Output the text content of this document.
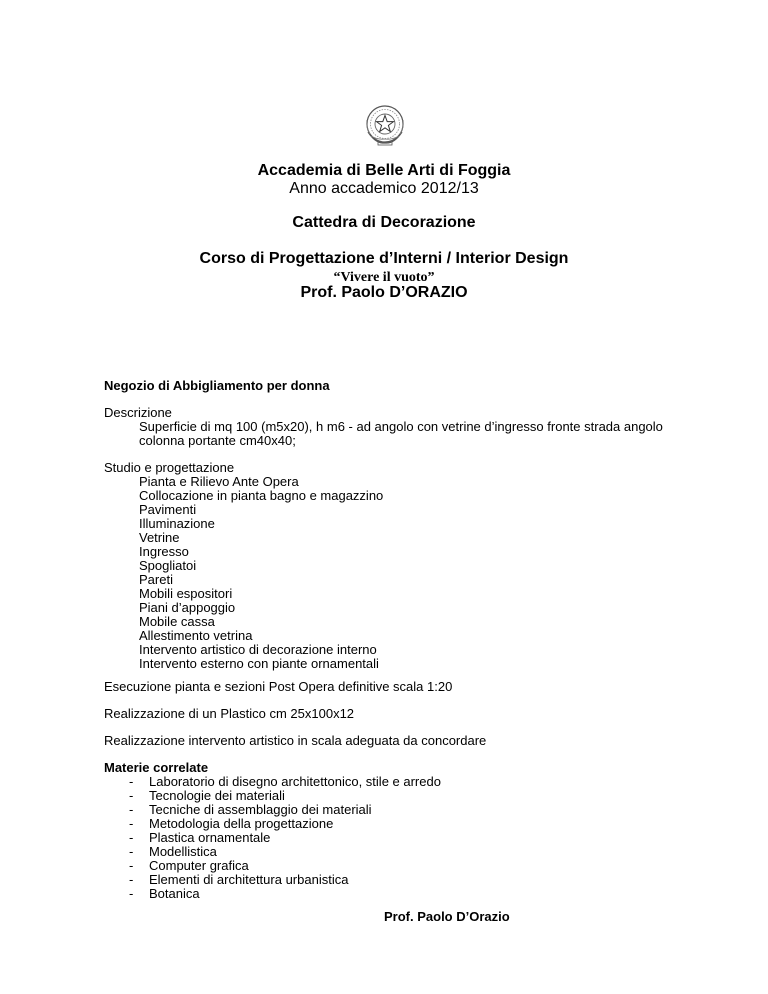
Accademia di Belle Arti di Foggia
Anno accademico 2012/13
Cattedra di Decorazione
Corso di Progettazione d’Interni / Interior Design
“Vivere il vuoto”
Prof. Paolo D’ORAZIO
Negozio di Abbigliamento per donna
Descrizione
Superficie di mq 100 (m5x20), h m6 - ad angolo con vetrine d’ingresso fronte strada angolo
colonna portante cm40x40;
Studio e progettazione
Pianta e Rilievo Ante Opera
Collocazione in pianta bagno e magazzino
Pavimenti
Illuminazione
Vetrine
Ingresso
Spogliatoi
Pareti
Mobili espositori
Piani d’appoggio
Mobile cassa
Allestimento vetrina
Intervento artistico di decorazione interno
Intervento esterno con piante ornamentali
Esecuzione pianta e sezioni Post Opera definitive scala 1:20
Realizzazione di un Plastico cm 25x100x12
Realizzazione intervento artistico in scala adeguata da concordare
Materie correlate
- Laboratorio di disegno architettonico, stile e arredo
- Tecnologie dei materiali
- Tecniche di assemblaggio dei materiali
- Metodologia della progettazione
- Plastica ornamentale
- Modellistica
- Computer grafica
- Elementi di architettura urbanistica
- Botanica
Prof. Paolo D’Orazio
